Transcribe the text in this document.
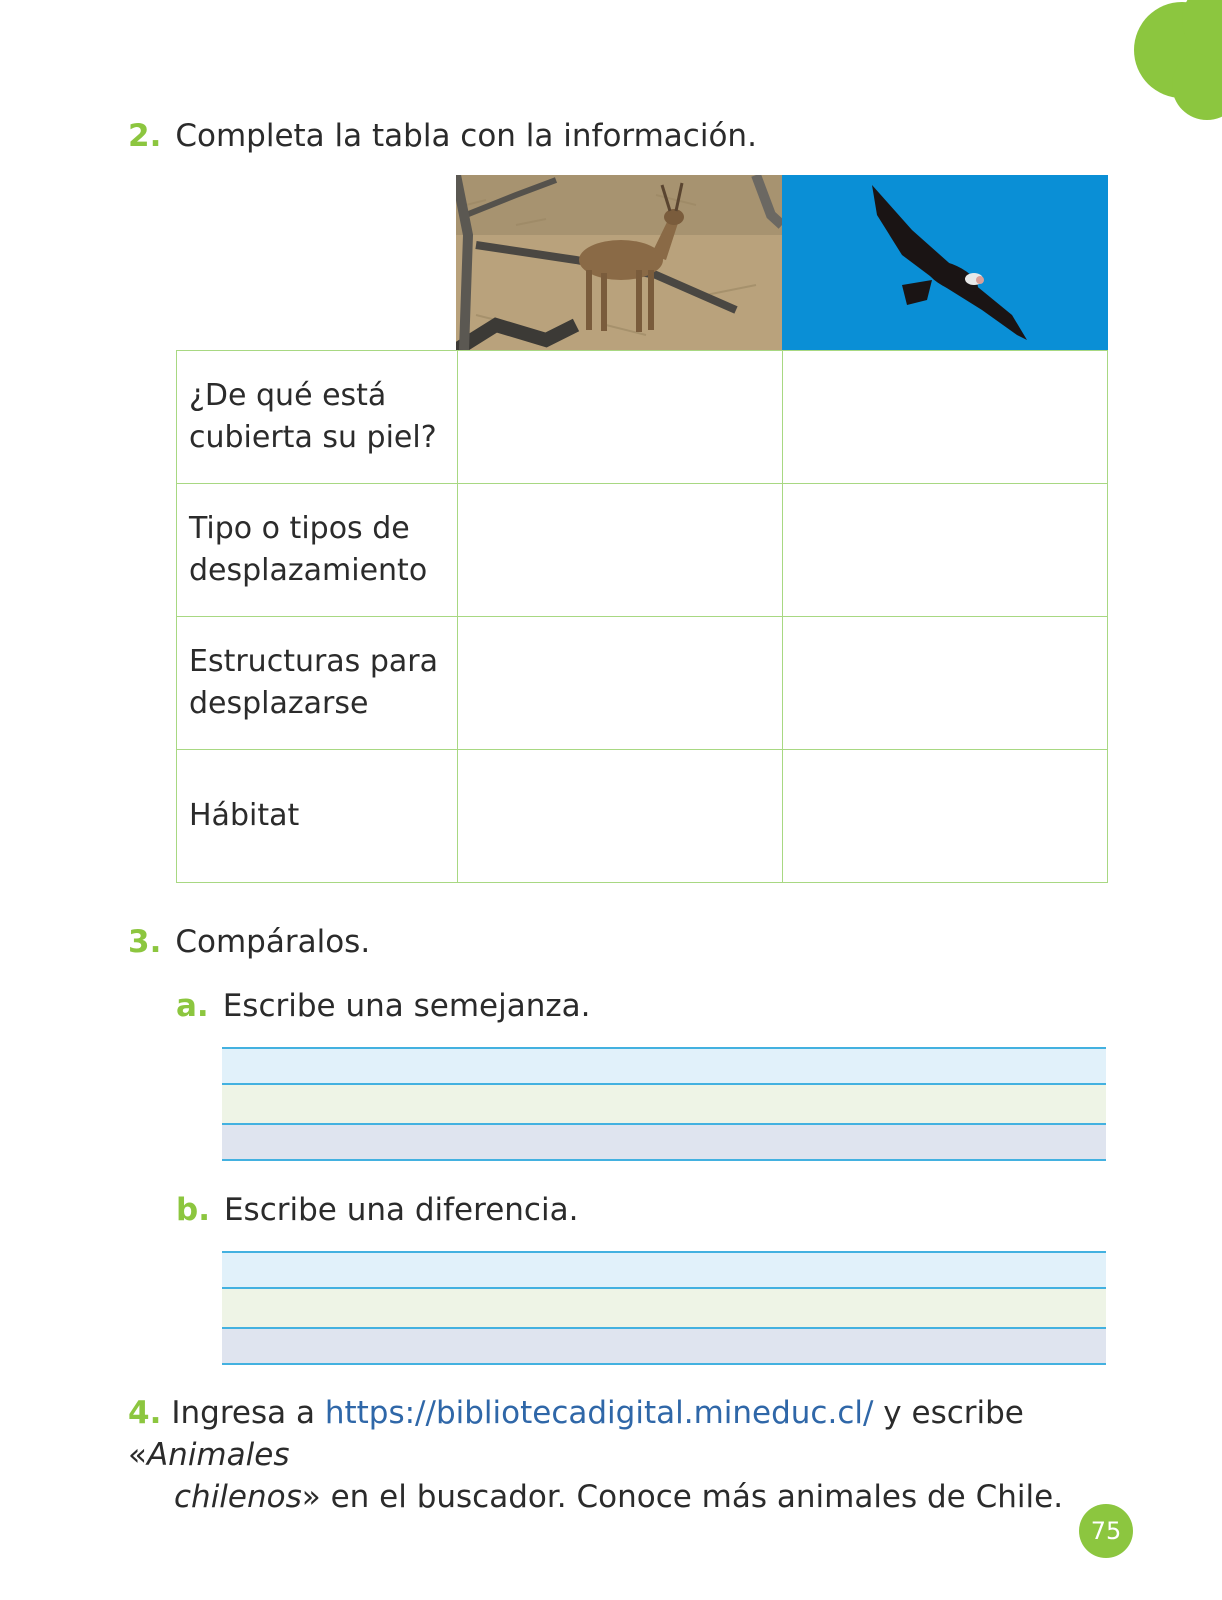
2. Completa la tabla con la información.
¿De qué está cubierta su piel?		
Tipo o tipos de desplazamiento		
Estructuras para desplazarse		
Hábitat		
3. Compáralos.
a. Escribe una semejanza.
b. Escribe una diferencia.
4. Ingresa a https://bibliotecadigital.mineduc.cl/ y escribe «Animales
chilenos» en el buscador. Conoce más animales de Chile.
75
